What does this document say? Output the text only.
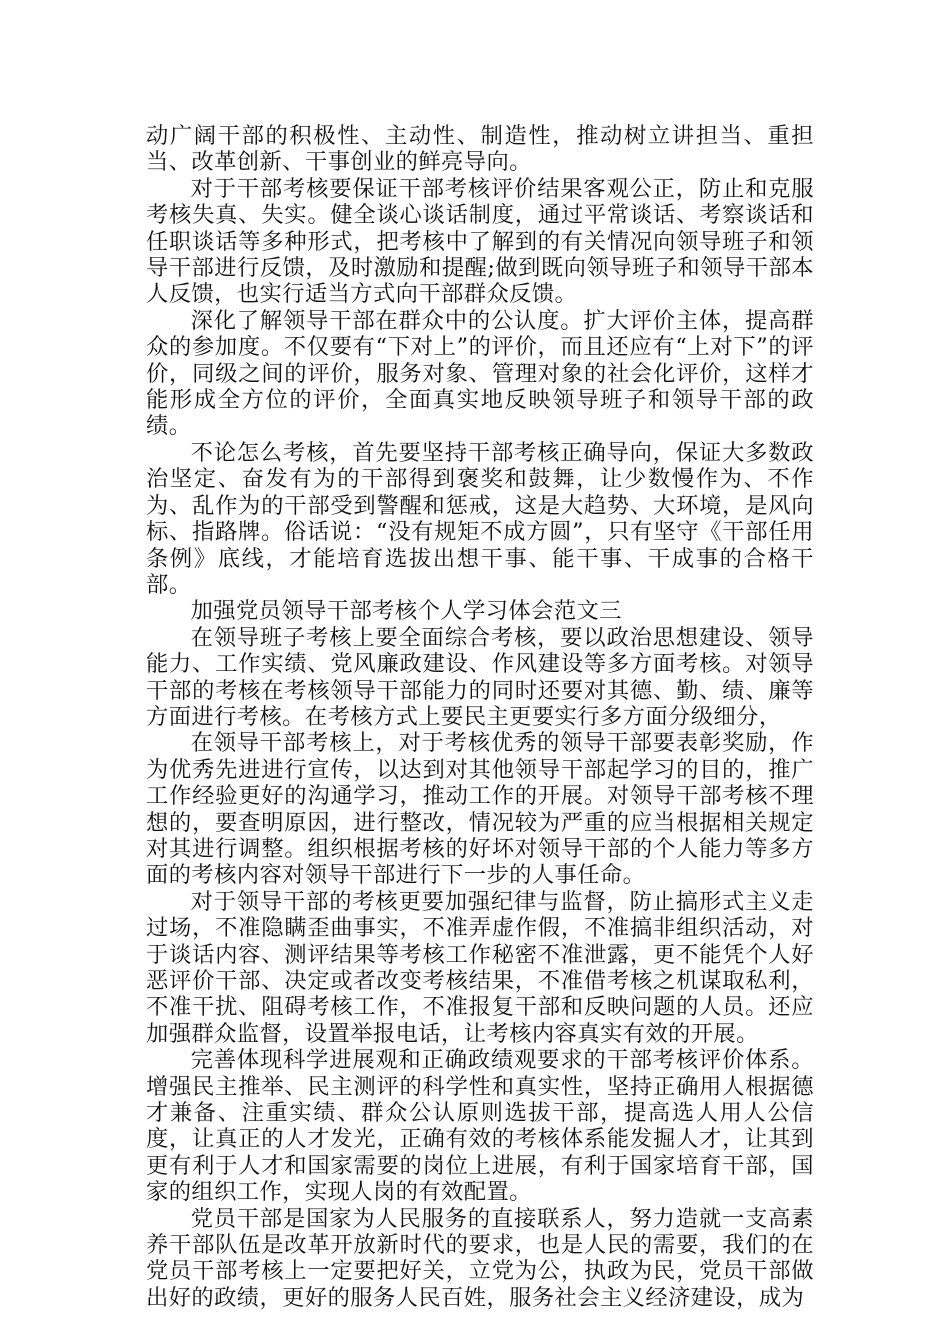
动广阔干部的积极性、主动性、制造性，推动树立讲担当、重担当、改革创新、干事创业的鲜亮导向。

对于干部考核要保证干部考核评价结果客观公正，防止和克服考核失真、失实。健全谈心谈话制度，通过平常谈话、考察谈话和任职谈话等多种形式，把考核中了解到的有关情况向领导班子和领导干部进行反馈，及时激励和提醒;做到既向领导班子和领导干部本人反馈，也实行适当方式向干部群众反馈。

深化了解领导干部在群众中的公认度。扩大评价主体，提高群众的参加度。不仅要有“下对上”的评价，而且还应有“上对下”的评价，同级之间的评价，服务对象、管理对象的社会化评价，这样才能形成全方位的评价，全面真实地反映领导班子和领导干部的政绩。

不论怎么考核，首先要坚持干部考核正确导向，保证大多数政治坚定、奋发有为的干部得到褒奖和鼓舞，让少数慢作为、不作为、乱作为的干部受到警醒和惩戒，这是大趋势、大环境，是风向标、指路牌。俗话说：“没有规矩不成方圆”，只有坚守《干部任用条例》底线，才能培育选拔出想干事、能干事、干成事的合格干部。

加强党员领导干部考核个人学习体会范文三

在领导班子考核上要全面综合考核，要以政治思想建设、领导能力、工作实绩、党风廉政建设、作风建设等多方面考核。对领导干部的考核在考核领导干部能力的同时还要对其德、勤、绩、廉等方面进行考核。在考核方式上要民主更要实行多方面分级细分，

在领导干部考核上，对于考核优秀的领导干部要表彰奖励，作为优秀先进进行宣传，以达到对其他领导干部起学习的目的，推广工作经验更好的沟通学习，推动工作的开展。对领导干部考核不理想的，要查明原因，进行整改，情况较为严重的应当根据相关规定对其进行调整。组织根据考核的好坏对领导干部的个人能力等多方面的考核内容对领导干部进行下一步的人事任命。

对于领导干部的考核更要加强纪律与监督，防止搞形式主义走过场，不准隐瞒歪曲事实，不准弄虚作假，不准搞非组织活动，对于谈话内容、测评结果等考核工作秘密不准泄露，更不能凭个人好恶评价干部、决定或者改变考核结果，不准借考核之机谋取私利，不准干扰、阻碍考核工作，不准报复干部和反映问题的人员。还应加强群众监督，设置举报电话，让考核内容真实有效的开展。

完善体现科学进展观和正确政绩观要求的干部考核评价体系。增强民主推举、民主测评的科学性和真实性，坚持正确用人根据德才兼备、注重实绩、群众公认原则选拔干部，提高选人用人公信度，让真正的人才发光，正确有效的考核体系能发掘人才，让其到更有利于人才和国家需要的岗位上进展，有利于国家培育干部，国家的组织工作，实现人岗的有效配置。

党员干部是国家为人民服务的直接联系人，努力造就一支高素养干部队伍是改革开放新时代的要求，也是人民的需要，我们的在党员干部考核上一定要把好关，立党为公，执政为民，党员干部做出好的政绩，更好的服务人民百姓，服务社会主义经济建设，成为
